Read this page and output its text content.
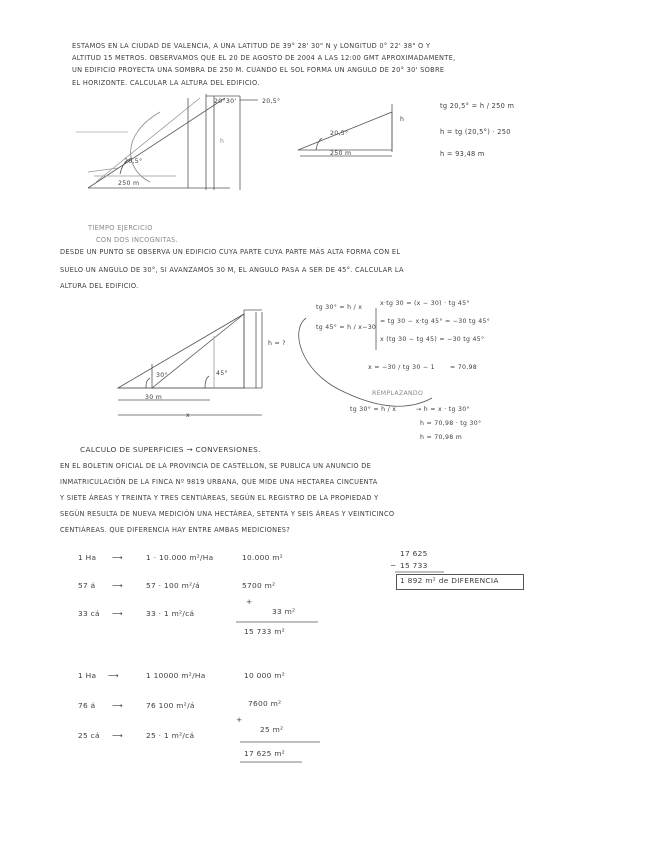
ESTAMOS EN LA CIUDAD DE VALENCIA, A UNA LATITUD DE 39° 28' 30" N y LONGITUD 0° 22' 38" O Y
ALTITUD 15 METROS. OBSERVAMOS QUE EL 20 DE AGOSTO DE 2004 A LAS 12:00 GMT APROXIMADAMENTE,
UN EDIFICIO PROYECTA UNA SOMBRA DE 250 M. CUANDO EL SOL FORMA UN ANGULO DE 20° 30' SOBRE
EL HORIZONTE. CALCULAR LA ALTURA DEL EDIFICIO.
20°30'	20,5°
h
20,5°
250 m
20,5°
250 m
h
tg 20,5° = h / 250 m
h = tg (20,5°) · 250
h = 93,48 m
TIEMPO EJERCICIO
CON DOS INCOGNITAS.
DESDE UN PUNTO SE OBSERVA UN EDIFICIO CUYA PARTE CUYA PARTE MÁS ALTA FORMA CON EL
SUELO UN ANGULO DE 30°, SI AVANZAMOS 30 M, EL ANGULO PASA A SER DE 45°. CALCULAR LA
ALTURA DEL EDIFICIO.
30°	45°
h = ?
30 m
x
tg 30° = h / x
tg 45° = h / x−30
x·tg 30 = (x − 30) · tg 45°
= tg 30 − x·tg 45° = −30 tg 45°
x (tg 30 − tg 45) = −30 tg 45°
x = −30 / tg 30 − 1 = 70,98
REMPLAZANDO
tg 30° = h / x	→ h = x · tg 30°
h = 70,98 · tg 30°
h = 70,98 m
CALCULO DE SUPERFICIES → CONVERSIONES.
EN EL BOLETIN OFICIAL DE LA PROVINCIA DE CASTELLON, SE PUBLICA UN ANUNCIO DE
INMATRICULACIÓN DE LA FINCA Nº 9819 URBANA, QUE MIDE UNA HECTAREA CINCUENTA
Y SIETE ÁREAS Y TREINTA Y TRES CENTIÁREAS, SEGÚN EL REGISTRO DE LA PROPIEDAD Y
SEGÚN RESULTA DE NUEVA MEDICIÓN UNA HECTÁREA, SETENTA Y SEIS ÁREAS Y VEINTICINCO
CENTIÁREAS. QUE DIFERENCIA HAY ENTRE AMBAS MEDICIONES?
1 Ha ⟶	1 · 10.000 m²/Ha	10.000 m²
57 á ⟶	57 · 100 m²/á	5700 m²
33 cá ⟶	33 · 1 m²/cá
+
33 m²
15 733 m²
17 625
− 15 733
1 892 m² de DIFERENCIA
1 Ha ⟶	1 10000 m²/Ha	10 000 m²
76 á ⟶	76 100 m²/á	7600 m²
25 cá ⟶	25 · 1 m²/cá
+
25 m²
17 625 m²
